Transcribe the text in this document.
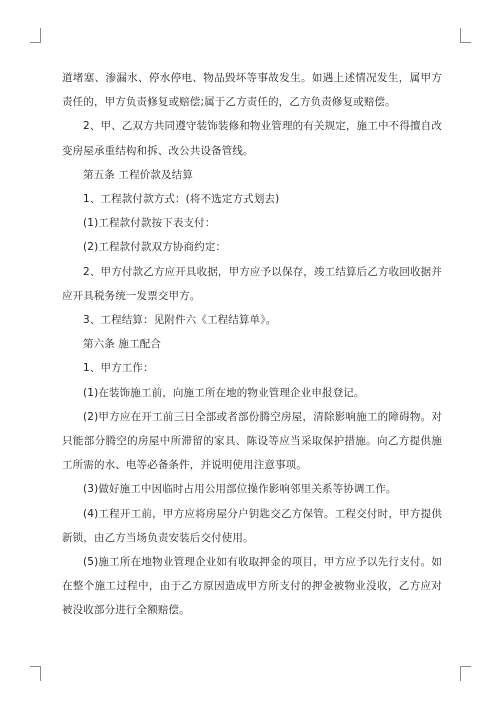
道堵塞、渗漏水、停水停电、物品毁坏等事故发生。如遇上述情况发生，属甲方责任的，甲方负责修复或赔偿;属于乙方责任的，乙方负责修复或赔偿。

2、甲、乙双方共同遵守装饰装修和物业管理的有关规定，施工中不得擅自改变房屋承重结构和拆、改公共设备管线。

第五条 工程价款及结算

1、工程款付款方式：(将不选定方式划去)

(1)工程款付款按下表支付：

(2)工程款付款双方协商约定：

2、甲方付款乙方应开具收据，甲方应予以保存，竣工结算后乙方收回收据并应开具税务统一发票交甲方。

3、工程结算：见附件六《工程结算单》。

第六条 施工配合

1、甲方工作：

(1)在装饰施工前，向施工所在地的物业管理企业申报登记。

(2)甲方应在开工前三日全部或者部份腾空房屋，清除影响施工的障碍物。对只能部分腾空的房屋中所滞留的家具、陈设等应当采取保护措施。向乙方提供施工所需的水、电等必备条件，并说明使用注意事项。

(3)做好施工中因临时占用公用部位操作影响邻里关系等协调工作。

(4)工程开工前，甲方应将房屋分户钥匙交乙方保管。工程交付时，甲方提供新锁，由乙方当场负责安装后交付使用。

(5)施工所在地物业管理企业如有收取押金的项目，甲方应予以先行支付。如在整个施工过程中，由于乙方原因造成甲方所支付的押金被物业没收，乙方应对被没收部分进行全额赔偿。
